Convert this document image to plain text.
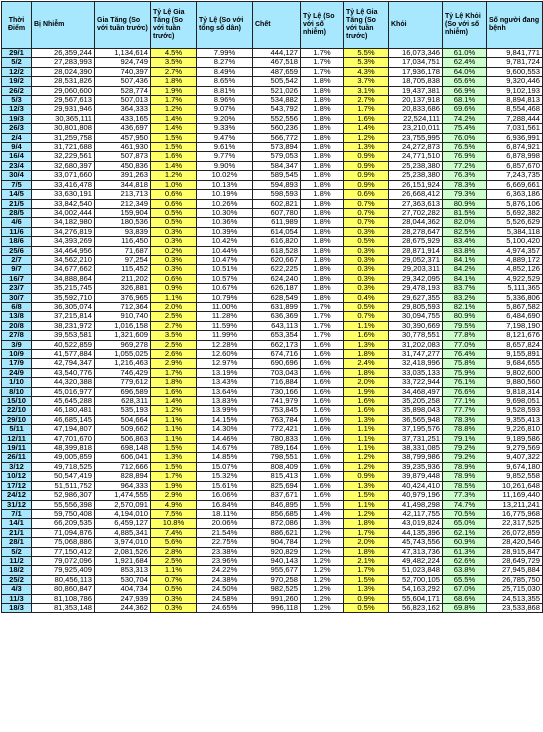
Thời Điểm	Bị Nhiễm	Gia Tăng (So với tuần trước)	Tỷ Lệ Gia Tăng (So với tuần trước)	Tỷ Lệ (So với tổng số dân)	Chết	Tỷ Lệ (So với số nhiễm)	Tỷ Lệ Gia Tăng (So với tuần trước)	Khỏi	Tỷ Lệ Khỏi (So với số nhiễm)	Số người đang bệnh
29/1	26,359,244	1,134,614	4.5%	7.99%	444,127	1.7%	5.5%	16,073,346	61.0%	9,841,771
5/2	27,283,993	924,749	3.5%	8.27%	467,518	1.7%	5.3%	17,034,751	62.4%	9,781,724
12/2	28,024,390	740,397	2.7%	8.49%	487,659	1.7%	4.3%	17,936,178	64.0%	9,600,553
19/2	28,531,826	507,436	1.8%	8.65%	505,542	1.8%	3.7%	18,705,838	65.6%	9,320,446
26/2	29,060,600	528,774	1.9%	8.81%	521,026	1.8%	3.1%	19,437,381	66.9%	9,102,193
5/3	29,567,613	507,013	1.7%	8.96%	534,882	1.8%	2.7%	20,137,918	68.1%	8,894,813
12/3	29,931,946	364,333	1.2%	9.07%	543,792	1.8%	1.7%	20,833,686	69.6%	8,554,468
19/3	30,365,111	433,165	1.4%	9.20%	552,556	1.8%	1.6%	22,524,111	74.2%	7,288,444
26/3	30,801,808	436,697	1.4%	9.33%	560,236	1.8%	1.4%	23,210,011	75.4%	7,031,561
2/4	31,259,758	457,950	1.5%	9.47%	566,772	1.8%	1.2%	23,755,995	76.0%	6,936,991
9/4	31,721,688	461,930	1.5%	9.61%	573,894	1.8%	1.3%	24,272,873	76.5%	6,874,921
16/4	32,229,561	507,873	1.6%	9.77%	579,053	1.8%	0.9%	24,771,510	76.9%	6,878,998
23/4	32,680,397	450,836	1.4%	9.90%	584,347	1.8%	0.9%	25,238,380	77.2%	6,857,670
30/4	33,071,660	391,263	1.2%	10.02%	589,545	1.8%	0.9%	25,238,380	76.3%	7,243,735
7/5	33,416,478	344,818	1.0%	10.13%	594,893	1.8%	0.9%	26,151,924	78.3%	6,669,661
14/5	33,630,191	213,713	0.6%	10.19%	598,593	1.8%	0.6%	26,668,412	79.3%	6,363,186
21/5	33,842,540	212,349	0.6%	10.26%	602,821	1.8%	0.7%	27,363,613	80.9%	5,876,106
28/5	34,002,444	159,904	0.5%	10.30%	607,780	1.8%	0.7%	27,702,282	81.5%	5,692,382
4/6	34,182,980	180,536	0.5%	10.36%	611,989	1.8%	0.7%	28,044,362	82.0%	5,526,629
11/6	34,276,819	93,839	0.3%	10.39%	614,054	1.8%	0.3%	28,278,647	82.5%	5,384,118
18/6	34,393,269	116,450	0.3%	10.42%	616,820	1.8%	0.5%	28,675,929	83.4%	5,100,420
25/6	34,464,956	71,687	0.2%	10.44%	618,528	1.8%	0.3%	28,871,914	83.8%	4,974,357
2/7	34,562,210	97,254	0.3%	10.47%	620,667	1.8%	0.3%	29,052,371	84.1%	4,889,172
9/7	34,677,662	115,452	0.3%	10.51%	622,225	1.8%	0.3%	29,203,311	84.2%	4,852,126
16/7	34,888,864	211,202	0.6%	10.57%	624,240	1.8%	0.3%	29,342,095	84.1%	4,922,529
23/7	35,215,745	326,881	0.9%	10.67%	626,187	1.8%	0.3%	29,478,193	83.7%	5,111,365
30/7	35,592,710	376,965	1.1%	10.79%	628,549	1.8%	0.4%	29,627,355	83.2%	5,336,806
6/8	36,305,074	712,364	2.0%	11.00%	631,899	1.7%	0.5%	29,805,593	82.1%	5,867,582
13/8	37,215,814	910,740	2.5%	11.28%	636,369	1.7%	0.7%	30,094,755	80.9%	6,484,690
20/8	38,231,972	1,016,158	2.7%	11.59%	643,113	1.7%	1.1%	30,390,669	79.5%	7,198,190
27/8	39,553,581	1,321,609	3.5%	11.99%	653,354	1.7%	1.6%	30,778,551	77.8%	8,121,676
3/9	40,522,859	969,278	2.5%	12.28%	662,173	1.6%	1.3%	31,202,083	77.0%	8,657,824
10/9	41,577,884	1,055,025	2.6%	12.60%	674,716	1.6%	1.8%	31,747,277	76.4%	9,155,891
17/9	42,794,347	1,216,463	2.9%	12.97%	690,696	1.6%	2.4%	32,418,996	75.8%	9,684,655
24/9	43,540,776	746,429	1.7%	13.19%	703,043	1.6%	1.8%	33,035,133	75.9%	9,802,600
1/10	44,320,388	779,612	1.8%	13.43%	716,884	1.6%	2.0%	33,722,944	76.1%	9,880,560
8/10	45,016,977	696,589	1.6%	13.64%	730,166	1.6%	1.9%	34,468,497	76.6%	9,818,314
15/10	45,645,288	628,311	1.4%	13.83%	741,979	1.6%	1.6%	35,205,258	77.1%	9,698,051
22/10	46,180,481	535,193	1.2%	13.99%	753,845	1.6%	1.6%	35,898,043	77.7%	9,528,593
29/10	46,685,145	504,664	1.1%	14.15%	763,784	1.6%	1.3%	36,565,948	78.3%	9,355,413
5/11	47,194,807	509,662	1.1%	14.30%	772,421	1.6%	1.1%	37,195,576	78.8%	9,226,810
12/11	47,701,670	506,863	1.1%	14.46%	780,833	1.6%	1.1%	37,731,251	79.1%	9,189,586
19/11	48,399,818	698,148	1.5%	14.67%	789,164	1.6%	1.1%	38,331,085	79.2%	9,279,569
26/11	49,005,859	606,041	1.3%	14.85%	798,551	1.6%	1.2%	38,799,986	79.2%	9,407,322
3/12	49,718,525	712,666	1.5%	15.07%	808,409	1.6%	1.2%	39,235,936	78.9%	9,674,180
10/12	50,547,419	828,894	1.7%	15.32%	815,413	1.6%	0.9%	39,879,448	78.9%	9,852,558
17/12	51,511,752	964,333	1.9%	15.61%	825,694	1.6%	1.3%	40,424,410	78.5%	10,261,648
24/12	52,986,307	1,474,555	2.9%	16.06%	837,671	1.6%	1.5%	40,979,196	77.3%	11,169,440
31/12	55,556,398	2,570,091	4.9%	16.84%	846,895	1.5%	1.1%	41,498,298	74.7%	13,211,241
7/1	59,750,408	4,194,010	7.5%	18.11%	856,685	1.4%	1.2%	42,117,755	70.5%	16,775,968
14/1	66,209,535	6,459,127	10.8%	20.06%	872,086	1.3%	1.8%	43,019,824	65.0%	22,317,525
21/1	71,094,876	4,885,341	7.4%	21.54%	886,621	1.2%	1.7%	44,135,396	62.1%	26,072,859
28/1	75,068,886	3,974,010	5.6%	22.75%	904,784	1.2%	2.0%	45,743,556	60.9%	28,420,546
5/2	77,150,412	2,081,526	2.8%	23.38%	920,829	1.2%	1.8%	47,313,736	61.3%	28,915,847
11/2	79,072,096	1,921,684	2.5%	23.96%	940,143	1.2%	2.1%	49,482,224	62.6%	28,649,729
18/2	79,925,409	853,313	1.1%	24.22%	955,677	1.2%	1.7%	51,023,848	63.8%	27,945,884
25/2	80,456,113	530,704	0.7%	24.38%	970,258	1.2%	1.5%	52,700,105	65.5%	26,785,750
4/3	80,860,847	404,734	0.5%	24.50%	982,525	1.2%	1.3%	54,163,292	67.0%	25,715,030
11/3	81,108,786	247,939	0.3%	24.58%	991,260	1.2%	0.9%	55,604,171	68.6%	24,513,355
18/3	81,353,148	244,362	0.3%	24.65%	996,118	1.2%	0.5%	56,823,162	69.8%	23,533,868
